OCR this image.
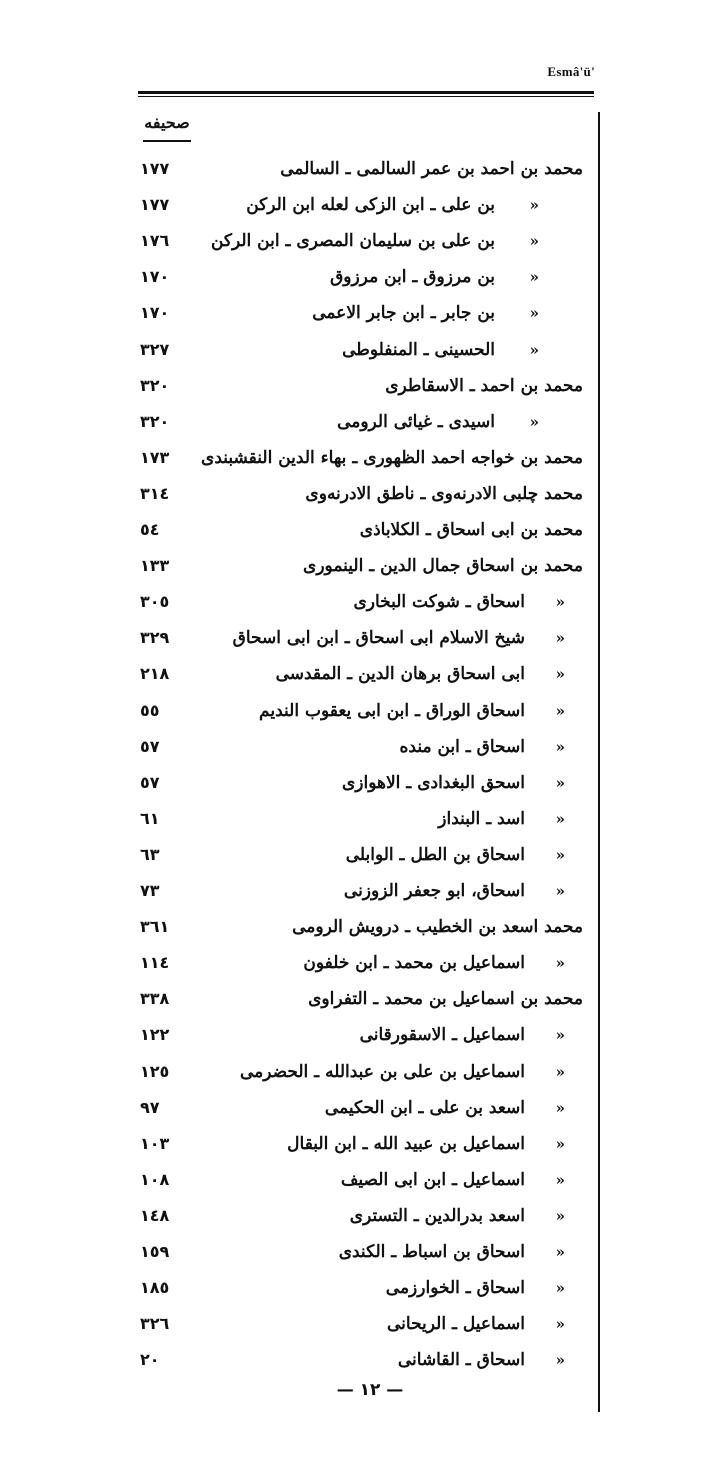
Esmâ'ü'
صحيفه
محمد بن احمد بن عمر السالمى ـ السالمى
١٧٧
بن على ـ ابن الزكى لعله ابن الركن »
١٧٧
بن على بن سليمان المصرى ـ ابن الركن »
١٧٦
بن مرزوق ـ ابن مرزوق »
١٧٠
بن جابر ـ ابن جابر الاعمى »
١٧٠
الحسينى ـ المنفلوطى »
٣٢٧
محمد بن احمد ـ الاسقاطرى
٣٢٠
اسيدى ـ غيائى الرومى »
٣٢٠
محمد بن خواجه احمد الظهورى ـ بهاء الدين النقشبندى
١٧٣
محمد چلبى الادرنه‌وى ـ ناطق الادرنه‌وى
٣١٤
محمد بن ابى اسحاق ـ الكلاباذى
٥٤
محمد بن اسحاق جمال الدين ـ الينمورى
١٣٣
اسحاق ـ شوكت البخارى »
٣٠٥
شيخ الاسلام ابى اسحاق ـ ابن ابى اسحاق »
٣٢٩
ابى اسحاق برهان الدين ـ المقدسى »
٢١٨
اسحاق الوراق ـ ابن ابى يعقوب النديم »
٥٥
اسحاق ـ ابن منده »
٥٧
اسحق البغدادى ـ الاهوازى »
٥٧
اسد ـ البنداز »
٦١
اسحاق بن الطل ـ الوابلى »
٦٣
اسحاق، ابو جعفر الزوزنى »
٧٣
محمد اسعد بن الخطيب ـ درويش الرومى
٣٦١
اسماعيل بن محمد ـ ابن خلفون »
١١٤
محمد بن اسماعيل بن محمد ـ التفراوى
٣٣٨
اسماعيل ـ الاسقورقانى »
١٢٢
اسماعيل بن على بن عبدالله ـ الحضرمى »
١٢٥
اسعد بن على ـ ابن الحكيمى »
٩٧
اسماعيل بن عبيد الله ـ ابن البقال »
١٠٣
اسماعيل ـ ابن ابى الصيف »
١٠٨
اسعد بدرالدين ـ التسترى »
١٤٨
اسحاق بن اسباط ـ الكندى »
١٥٩
اسحاق ـ الخوارزمى »
١٨٥
اسماعيل ـ الريحانى »
٣٢٦
اسحاق ـ القاشانى »
٢٠
— ١٢ —
